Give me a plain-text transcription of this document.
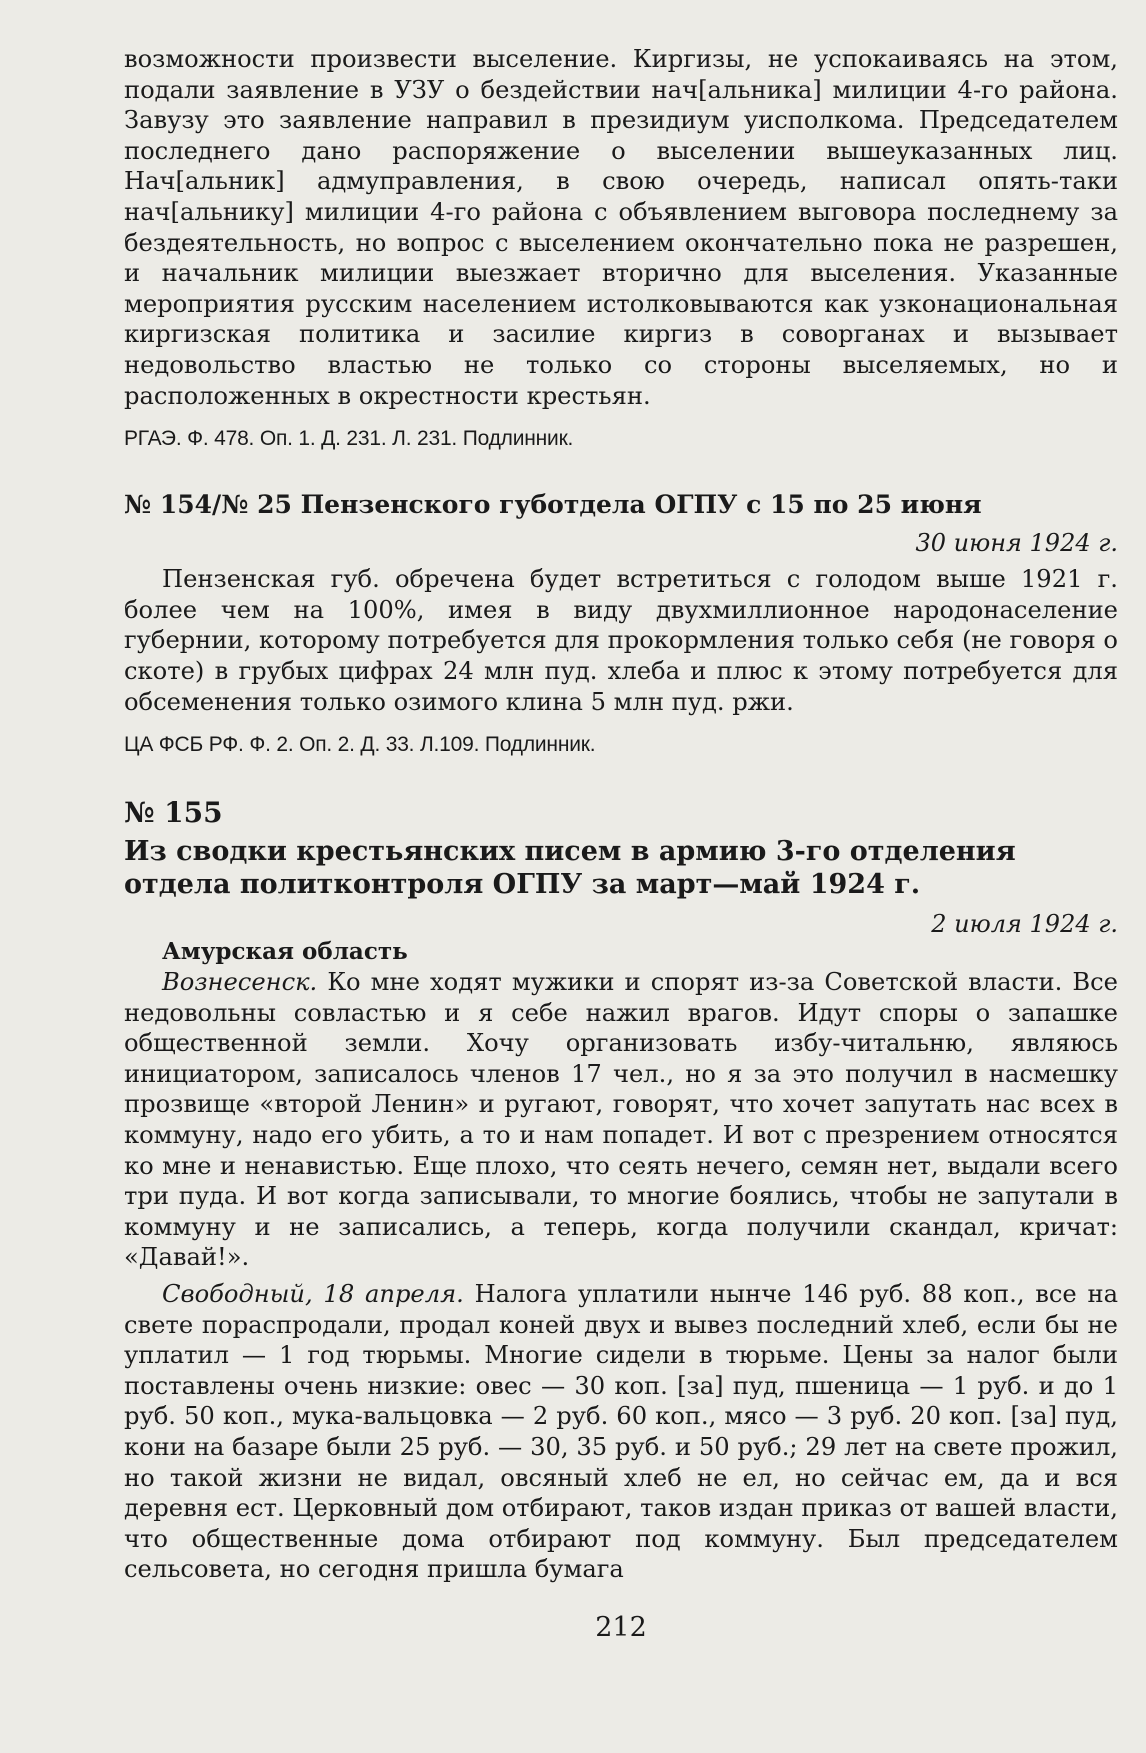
возможности произвести выселение. Киргизы, не успокаиваясь на этом, подали заявление в УЗУ о бездействии нач[альника] милиции 4-го района. Завузу это заявление направил в президиум уисполкома. Председателем последнего дано распоряжение о выселении вышеуказанных лиц. Нач[альник] адмуправления, в свою очередь, написал опять-таки нач[альнику] милиции 4-го района с объявлением выговора последнему за бездеятельность, но вопрос с выселением окончательно пока не разрешен, и начальник милиции выезжает вторично для выселения. Указанные мероприятия русским населением истолковываются как узконациональная киргизская политика и засилие киргиз в соворганах и вызывает недовольство властью не только со стороны выселяемых, но и расположенных в окрестности крестьян.

РГАЭ. Ф. 478. Оп. 1. Д. 231. Л. 231. Подлинник.

№ 154/№ 25 Пензенского губотдела ОГПУ с 15 по 25 июня

30 июня 1924 г.

Пензенская губ. обречена будет встретиться с голодом выше 1921 г. более чем на 100%, имея в виду двухмиллионное народонаселение губернии, которому потребуется для прокормления только себя (не говоря о скоте) в грубых цифрах 24 млн пуд. хлеба и плюс к этому потребуется для обсеменения только озимого клина 5 млн пуд. ржи.

ЦА ФСБ РФ. Ф. 2. Оп. 2. Д. 33. Л.109. Подлинник.

№ 155

Из сводки крестьянских писем в армию 3-го отделения отдела политконтроля ОГПУ за март—май 1924 г.

2 июля 1924 г.

Амурская область

Вознесенск. Ко мне ходят мужики и спорят из-за Советской власти. Все недовольны совластью и я себе нажил врагов. Идут споры о запашке общественной земли. Хочу организовать избу-читальню, являюсь инициатором, записалось членов 17 чел., но я за это получил в насмешку прозвище «второй Ленин» и ругают, говорят, что хочет запутать нас всех в коммуну, надо его убить, а то и нам попадет. И вот с презрением относятся ко мне и ненавистью. Еще плохо, что сеять нечего, семян нет, выдали всего три пуда. И вот когда записывали, то многие боялись, чтобы не запутали в коммуну и не записались, а теперь, когда получили скандал, кричат: «Давай!».

Свободный, 18 апреля. Налога уплатили нынче 146 руб. 88 коп., все на свете пораспродали, продал коней двух и вывез последний хлеб, если бы не уплатил — 1 год тюрьмы. Многие сидели в тюрьме. Цены за налог были поставлены очень низкие: овес — 30 коп. [за] пуд, пшеница — 1 руб. и до 1 руб. 50 коп., мука-вальцовка — 2 руб. 60 коп., мясо — 3 руб. 20 коп. [за] пуд, кони на базаре были 25 руб. — 30, 35 руб. и 50 руб.; 29 лет на свете прожил, но такой жизни не видал, овсяный хлеб не ел, но сейчас ем, да и вся деревня ест. Церковный дом отбирают, таков издан приказ от вашей власти, что общественные дома отбирают под коммуну. Был председателем сельсовета, но сегодня пришла бумага

212
